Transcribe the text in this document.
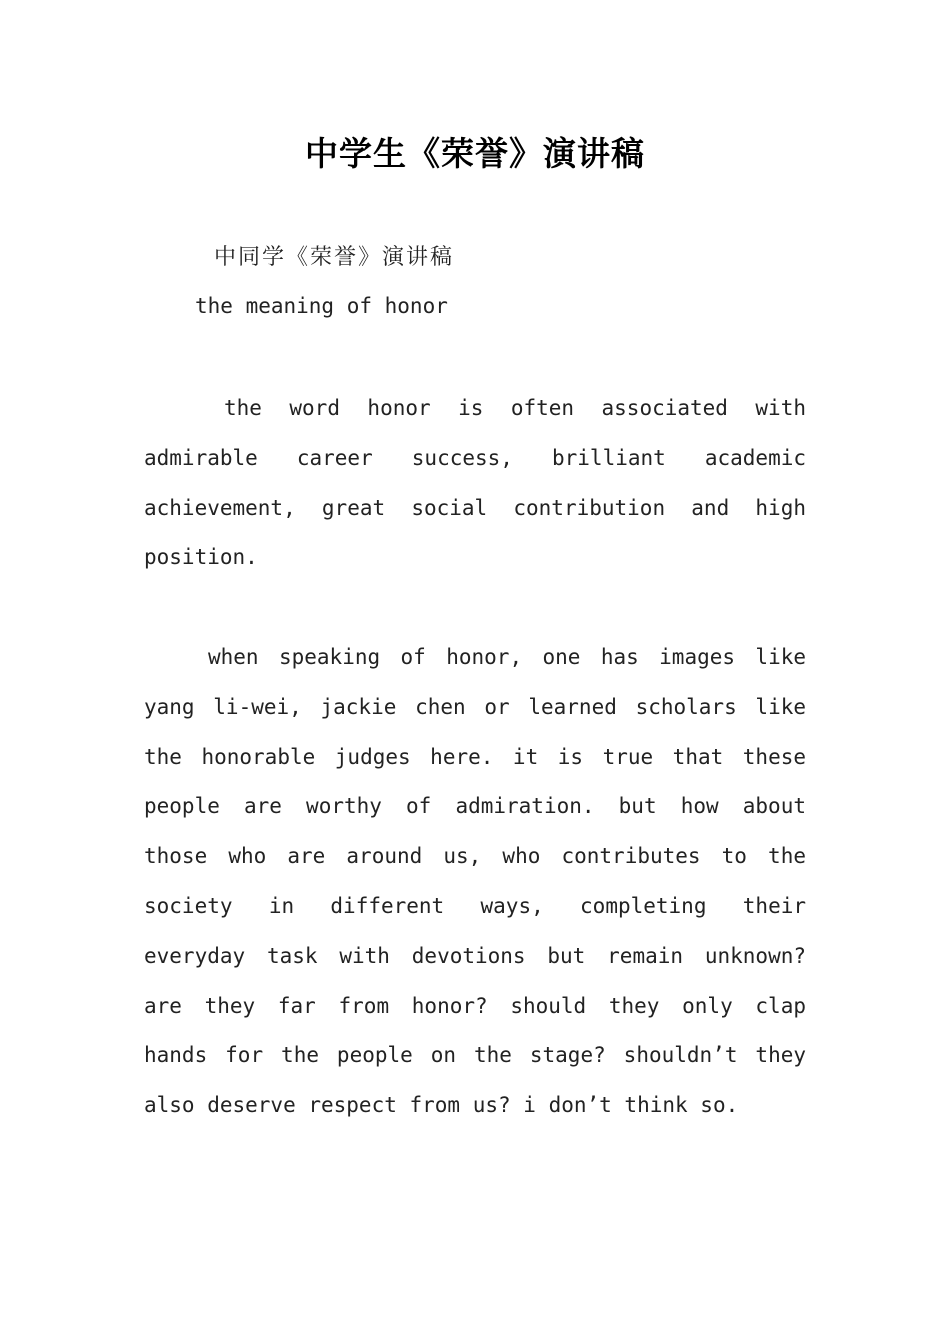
中学生《荣誉》演讲稿

中同学《荣誉》演讲稿

the meaning of honor

the word honor is often associated with
admirable career success, brilliant academic
achievement, great social contribution and high
position.
when speaking of honor, one has images like
yang li-wei, jackie chen or learned scholars like
the honorable judges here. it is true that these
people are worthy of admiration. but how about
those who are around us, who contributes to the
society in different ways, completing their
everyday task with devotions but remain unknown?
are they far from honor? should they only clap
hands for the people on the stage? shouldn’t they
also deserve respect from us? i don’t think so.
